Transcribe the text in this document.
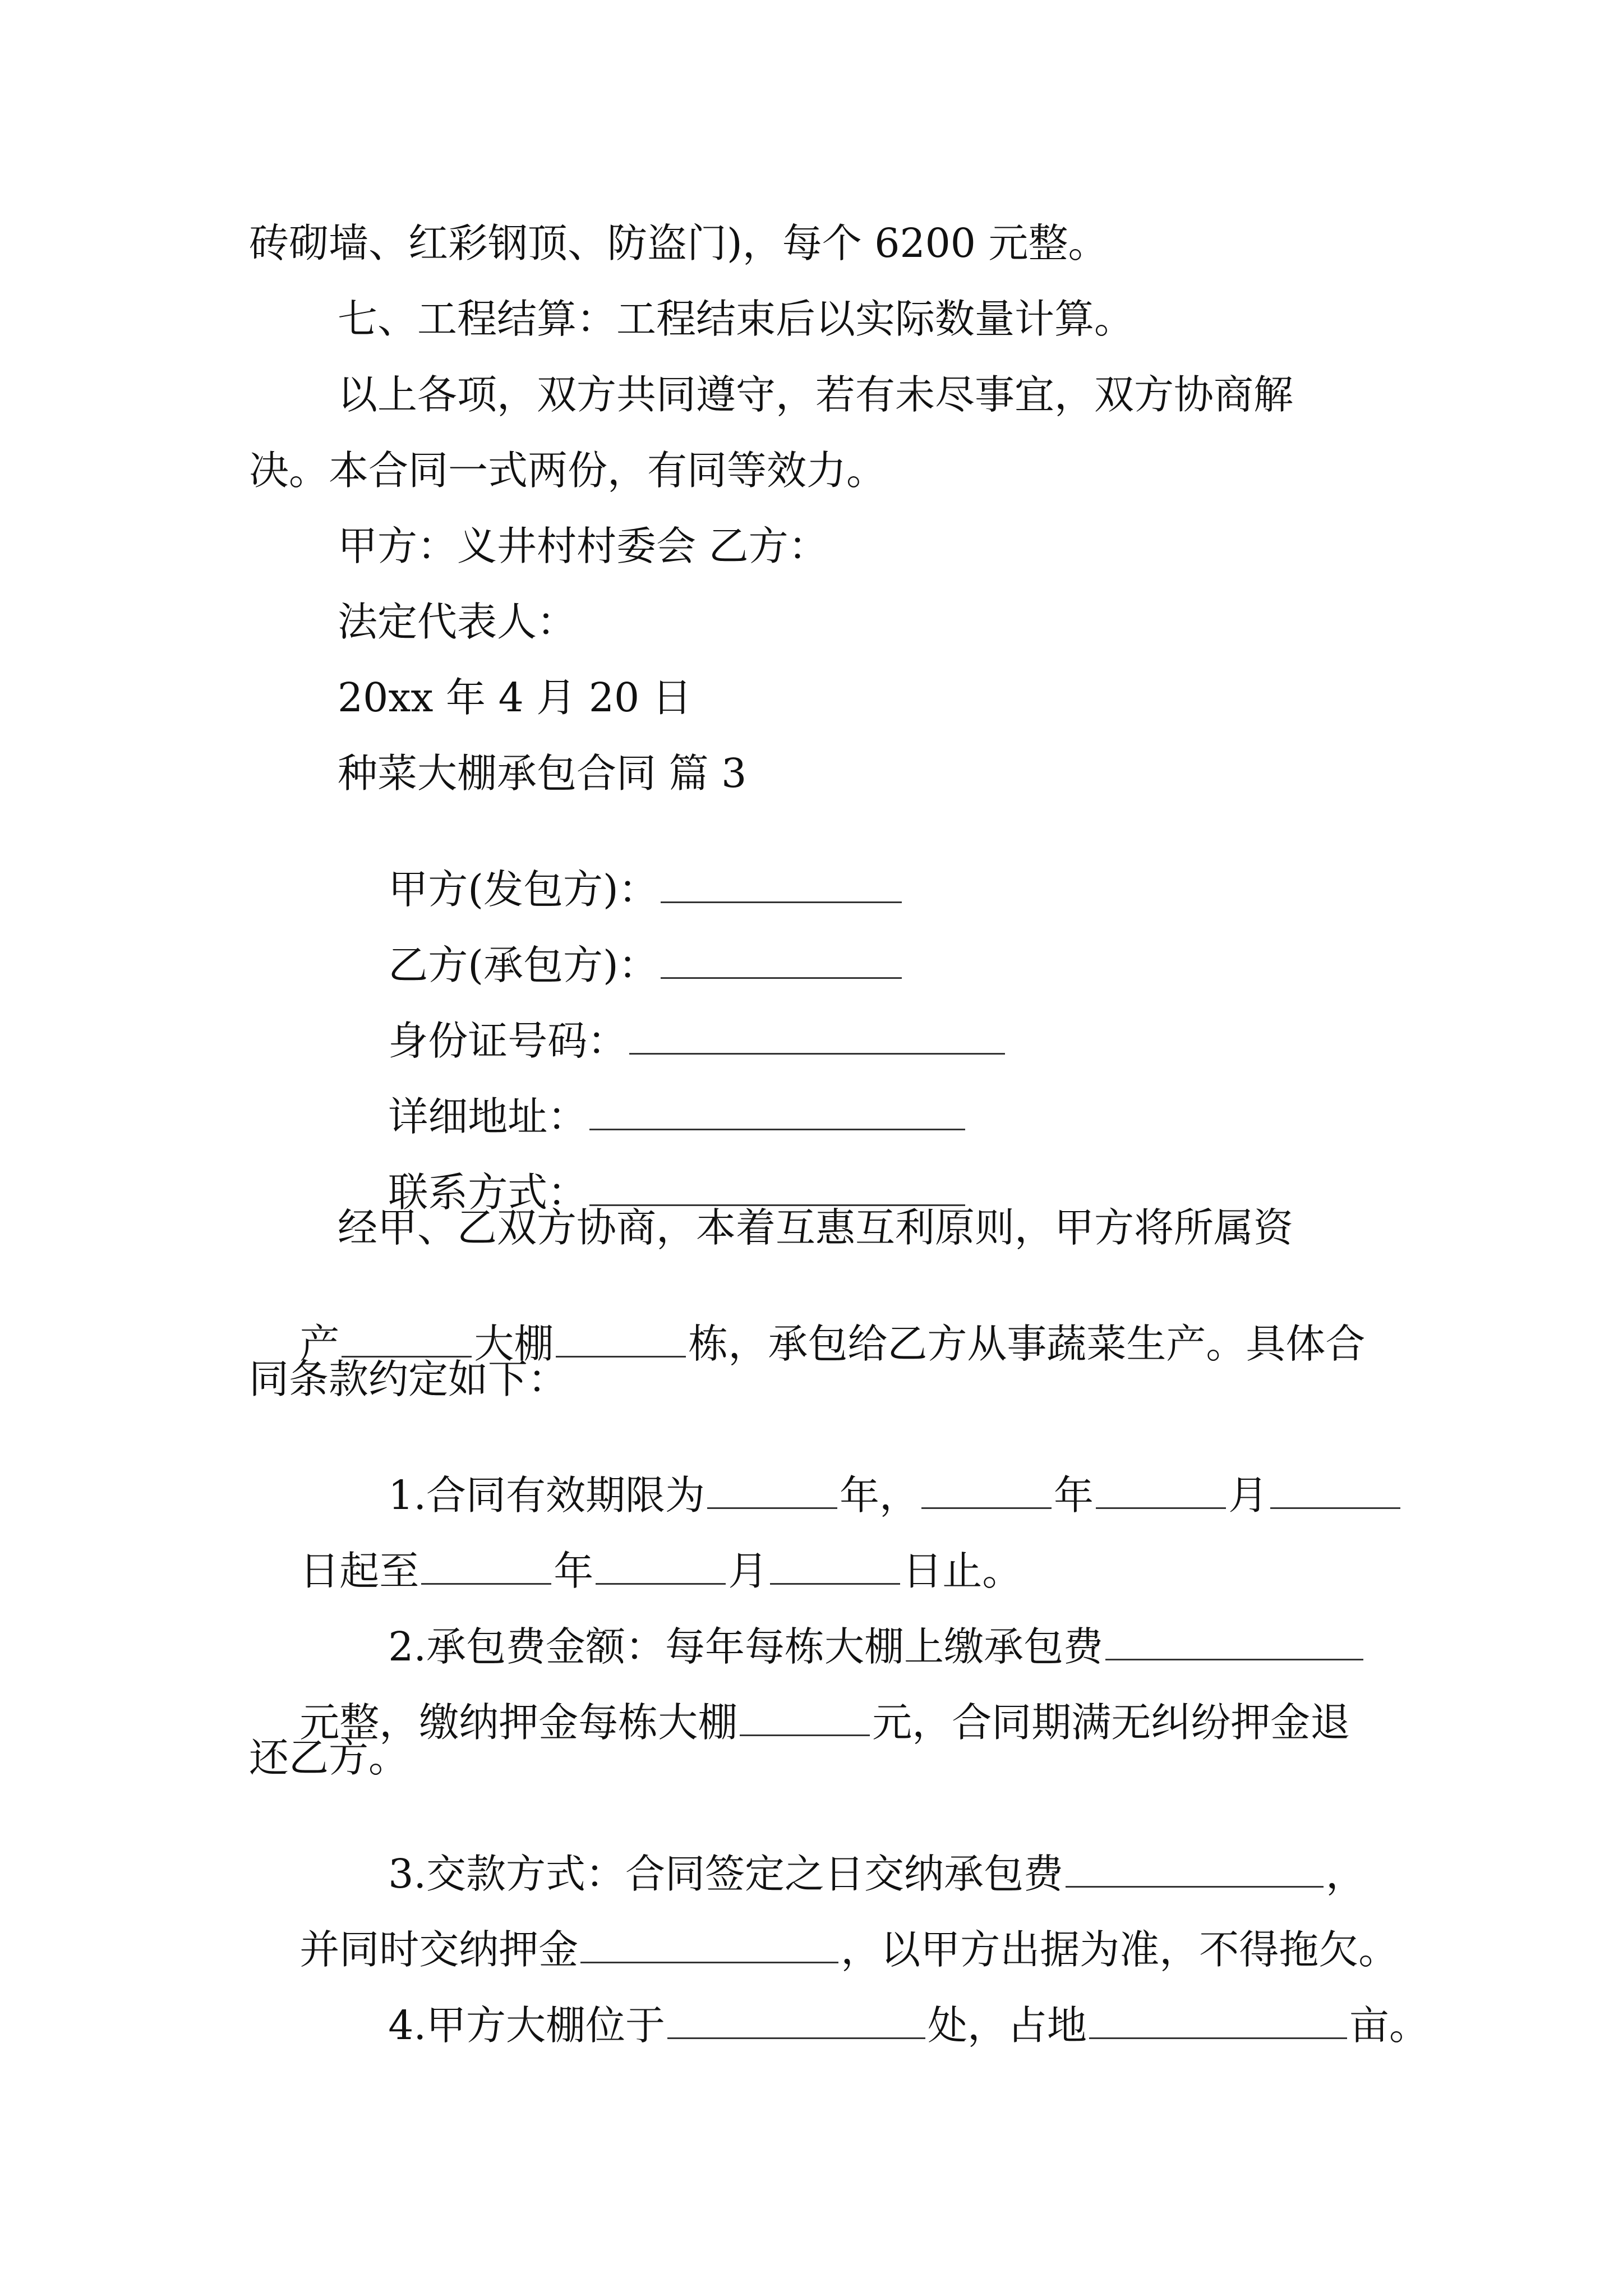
砖砌墙、红彩钢顶、防盗门)，每个 6200 元整。
七、工程结算：工程结束后以实际数量计算。
以上各项，双方共同遵守，若有未尽事宜，双方协商解
决。本合同一式两份，有同等效力。
甲方：义井村村委会 乙方：
法定代表人：
20xx 年 4 月 20 日
种菜大棚承包合同 篇 3

甲方(发包方)：

乙方(承包方)：

身份证号码：

详细地址：

联系方式：

经甲、乙双方协商，本着互惠互利原则，甲方将所属资

产	大棚	栋，承包给乙方从事蔬菜生产。具体合

同条款约定如下：

1.合同有效期限为	年，	年	月

日起至	年	月	日止。

2.承包费金额：每年每栋大棚上缴承包费

元整，缴纳押金每栋大棚	元，合同期满无纠纷押金退

还乙方。

3.交款方式：合同签定之日交纳承包费	，

并同时交纳押金	，以甲方出据为准，不得拖欠。

4.甲方大棚位于	处，占地	亩。
